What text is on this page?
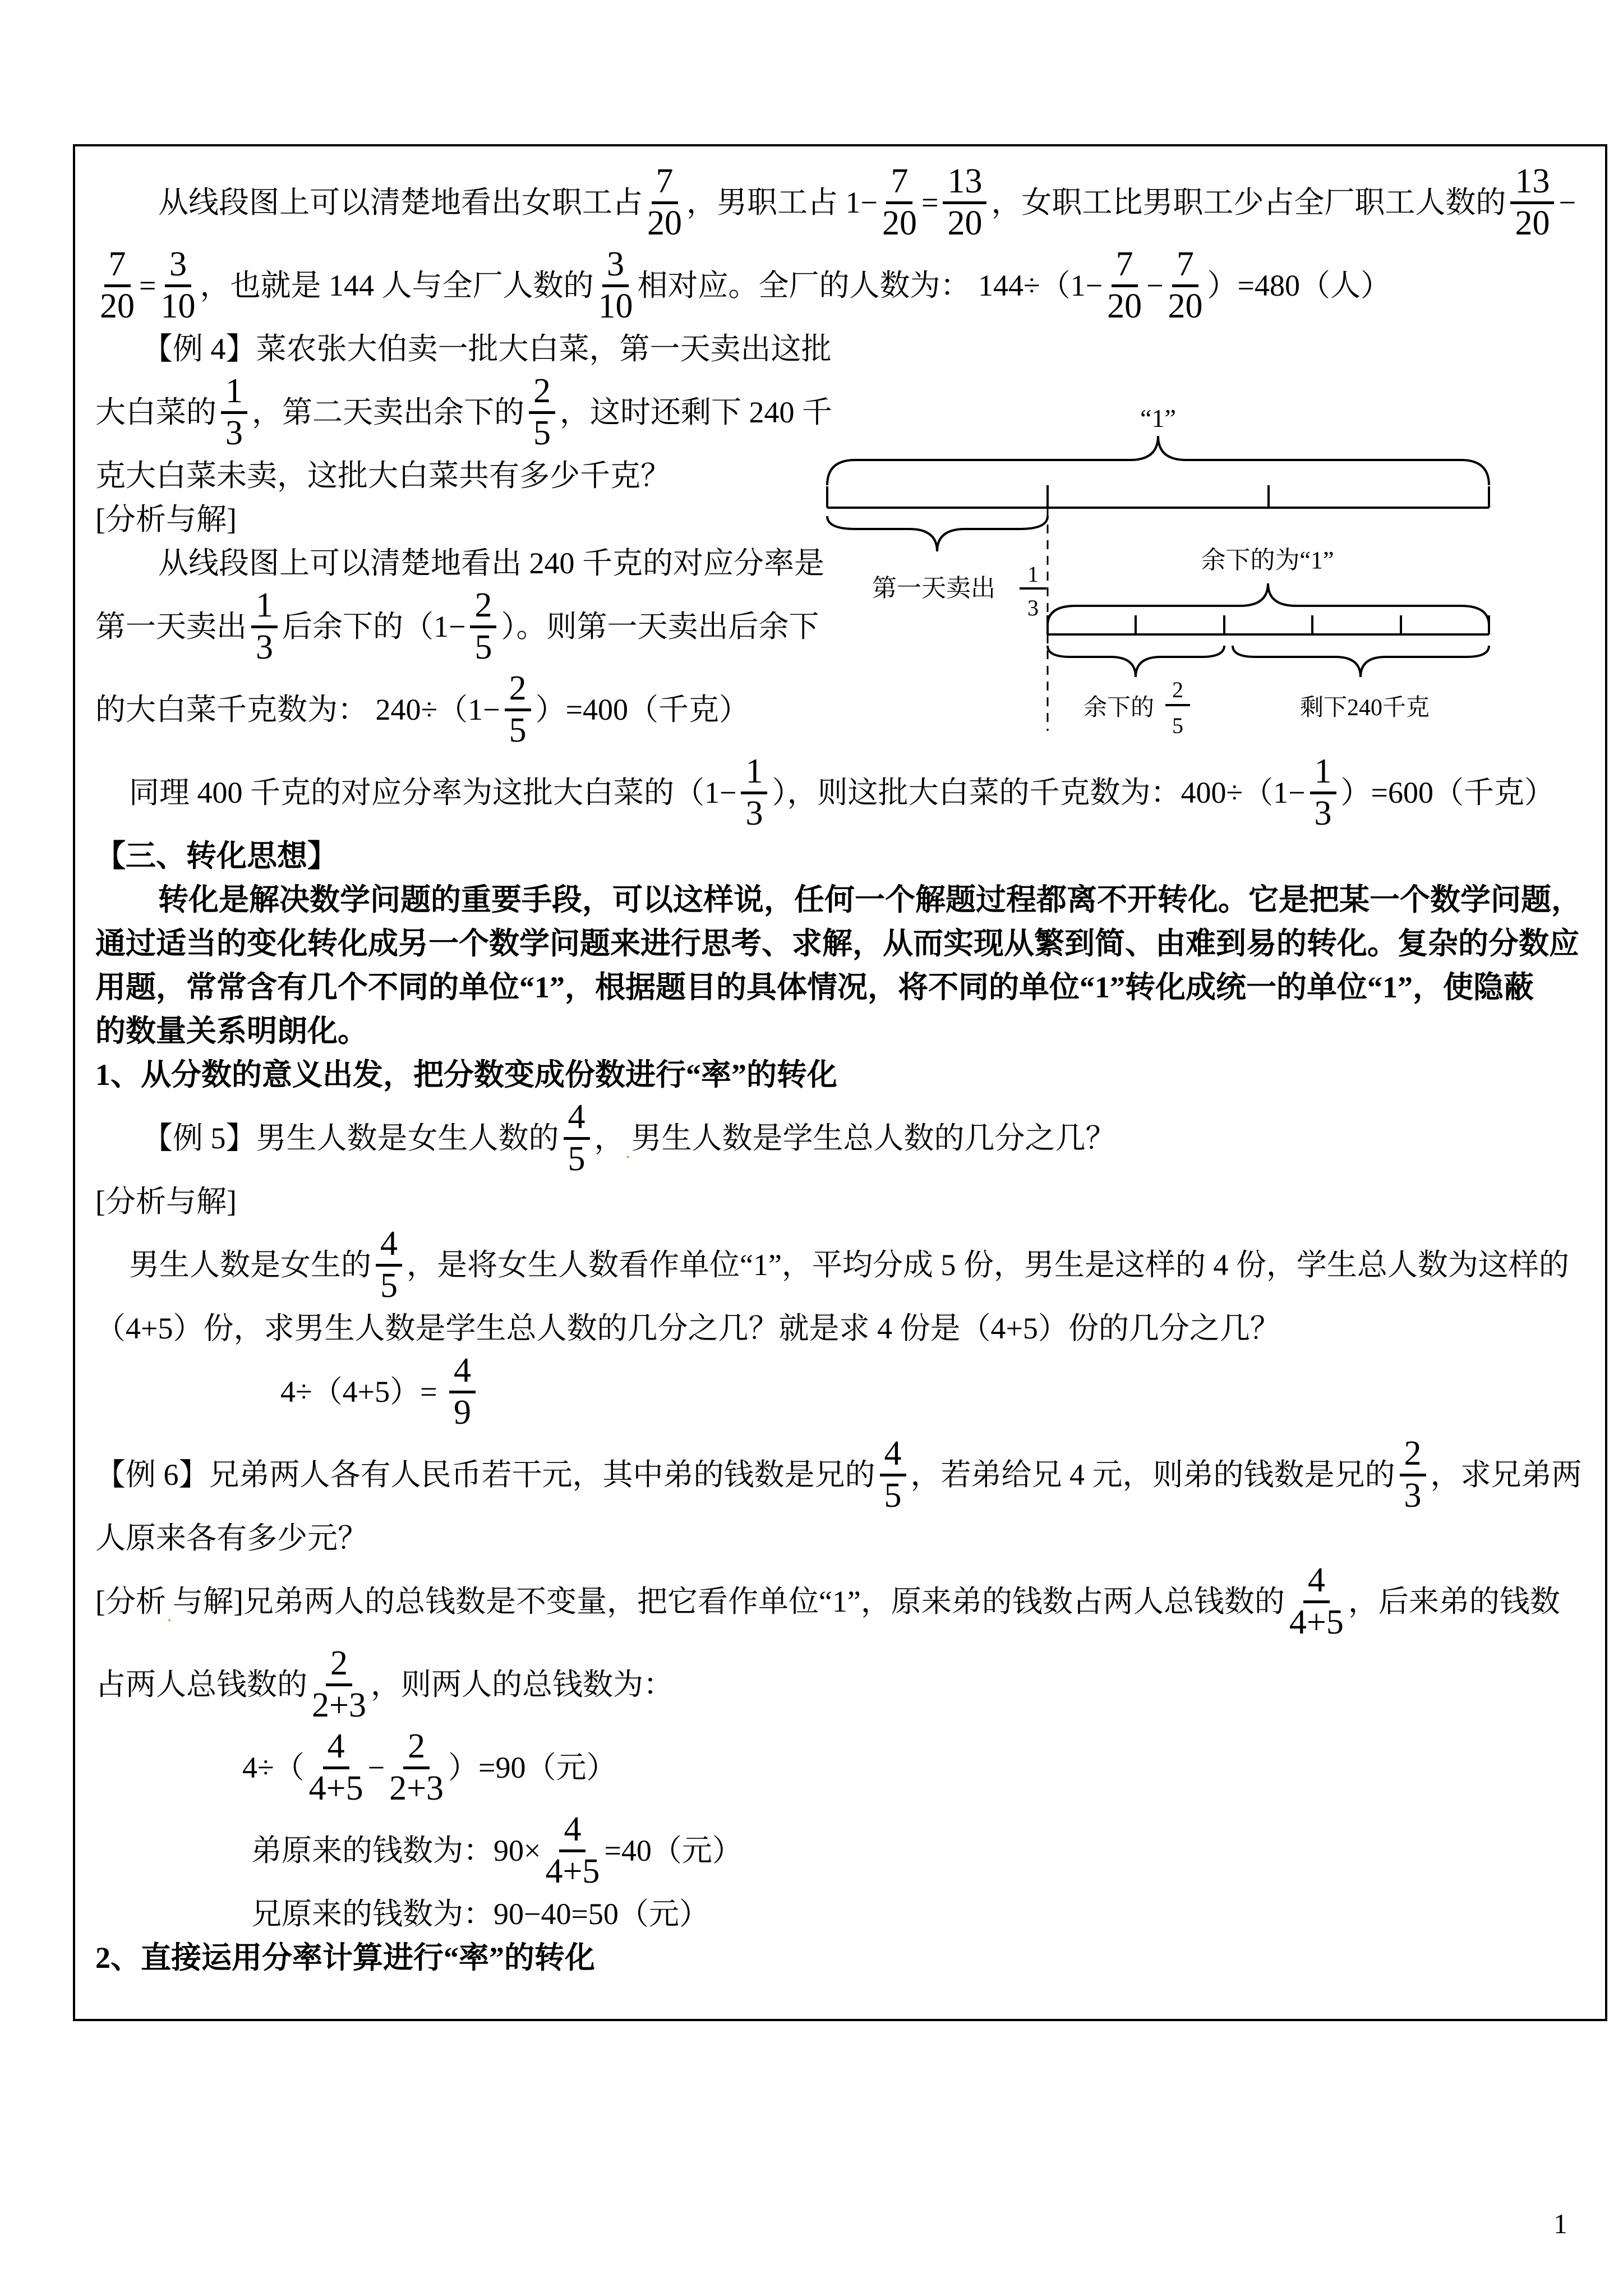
从线段图上可以清楚地看出女职工占 $\frac{7}{20}$ ，男职工占 $1- \frac{7}{20} = \frac{13}{20}$ ，女职工比男职工少占全厂职工人数的 $\frac{13}{20}$ −
$\frac{7}{20} = \frac{3}{10}$ ，也就是 144 人与全厂人数的 $\frac{3}{10}$ 相对应。全厂的人数为： $144\div(1- \frac{7}{20} - \frac{7}{20} )=480$（人）
【例 4】菜农张大伯卖一批大白菜，第一天卖出这批
大白菜的 $\frac{1}{3}$ ，第二天卖出余下的 $\frac{2}{5}$ ，这时还剩下 240 千
克大白菜未卖，这批大白菜共有多少千克？
[分析与解]
从线段图上可以清楚地看出 240 千克的对应分率是
第一天卖出 $\frac{1}{3}$ 后余下的（$1- \frac{2}{5}$ ）。则第一天卖出后余下
的大白菜千克数为： $240\div(1- \frac{2}{5} )=400$（千克）
同理 400 千克的对应分率为这批大白菜的（$1- \frac{1}{3}$ ），则这批大白菜的千克数为：$400\div(1- \frac{1}{3} )=600$（千克）
【三、转化思想】
转化是解决数学问题的重要手段，可以这样说，任何一个解题过程都离不开转化。它是把某一个数学问题，
通过适当的变化转化成另一个数学问题来进行思考、求解，从而实现从繁到简、由难到易的转化。复杂的分数应
用题，常常含有几个不同的单位“1”，根据题目的具体情况，将不同的单位“1”转化成统一的单位“1”，使隐蔽
的数量关系明朗化。
1、从分数的意义出发，把分数变成份数进行“率”的转化
【例 5】男生人数是女生人数的 $\frac{4}{5}$ ， . 男生人数是学生总人数的几分之几？
[分析与解]
男生人数是女生的 $\frac{4}{5}$ ，是将女生人数看作单位“1”，平均分成 5 份，男生是这样的 4 份，学生总人数为这样的
（4+5）份，求男生人数是学生总人数的几分之几？就是求 4 份是（4+5）份的几分之几？
$4\div(4+5)= \frac{4}{9}$
【例 6】兄弟两人各有人民币若干元，其中弟的钱数是兄的 $\frac{4}{5}$ ，若弟给兄 4 元，则弟的钱数是兄的 $\frac{2}{3}$ ，求兄弟两
人原来各有多少元？
[分析 . 与解]兄弟两人的总钱数是不变量，把它看作单位“1”，原来弟的钱数占两人总钱数的 $\frac{4}{4+5}$ ，后来弟的钱数
占两人总钱数的 $\frac{2}{2+3}$ ，则两人的总钱数为：
$4\div( \frac{4}{4+5} - \frac{2}{2+3} )=90$（元）
弟原来的钱数为：$90\times \frac{4}{4+5} =40$（元）
兄原来的钱数为：90−40=50（元）
2、直接运用分率计算进行“率”的转化
“1”
第一天卖出
1
3
余下的为“1”
余下的
2
5
剩下240千克
1
